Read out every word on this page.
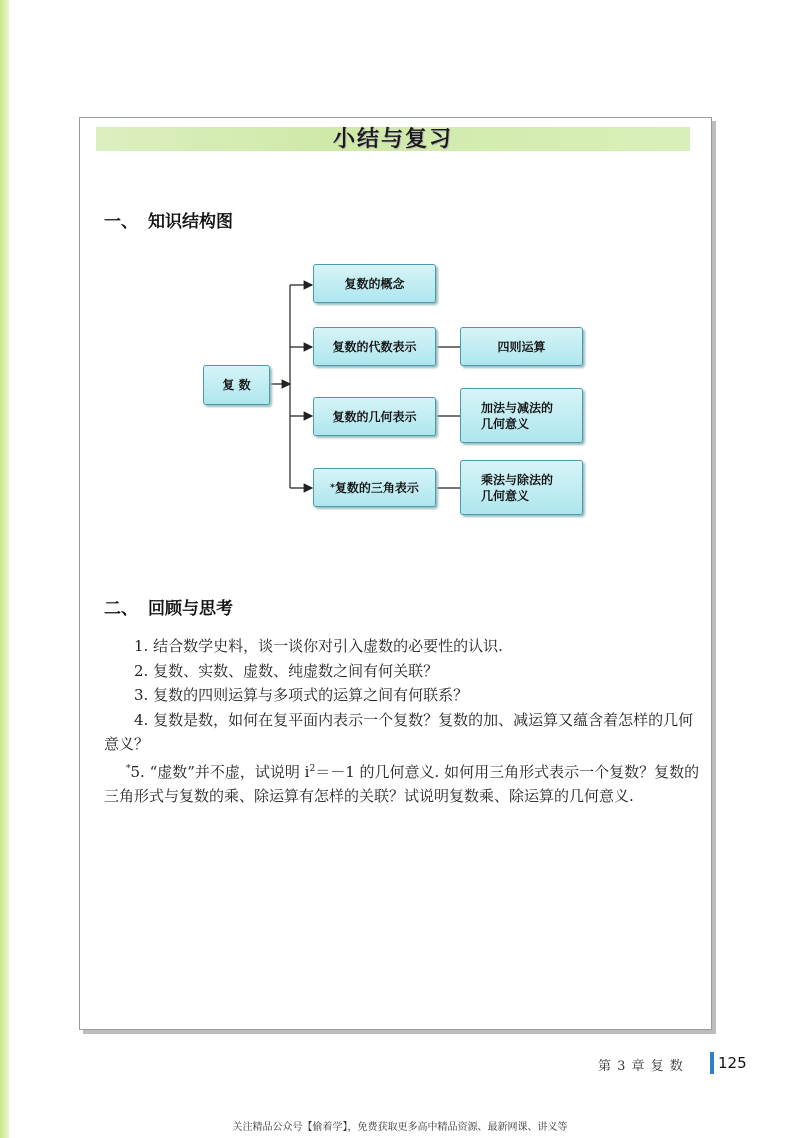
小结与复习
一、 知识结构图
复 数
复数的概念
复数的代数表示
复数的几何表示
* 复数的三角表示
四则运算
加法与减法的
几何意义
乘法与除法的
几何意义
二、 回顾与思考

1. 结合数学史料，谈一谈你对引入虚数的必要性的认识.

2. 复数、实数、虚数、纯虚数之间有何关联？

3. 复数的四则运算与多项式的运算之间有何联系？

4. 复数是数，如何在复平面内表示一个复数？复数的加、减运算又蕴含着怎样的几何意义？

*5. “虚数”并不虚，试说明 $i^2=-1$ 的几何意义. 如何用三角形式表示一个复数？复数的三角形式与复数的乘、除运算有怎样的关联？试说明复数乘、除运算的几何意义.

第 3 章 复 数 125
关注精品公众号【偷着学】，免费获取更多高中精品资源、最新网课、讲义等
